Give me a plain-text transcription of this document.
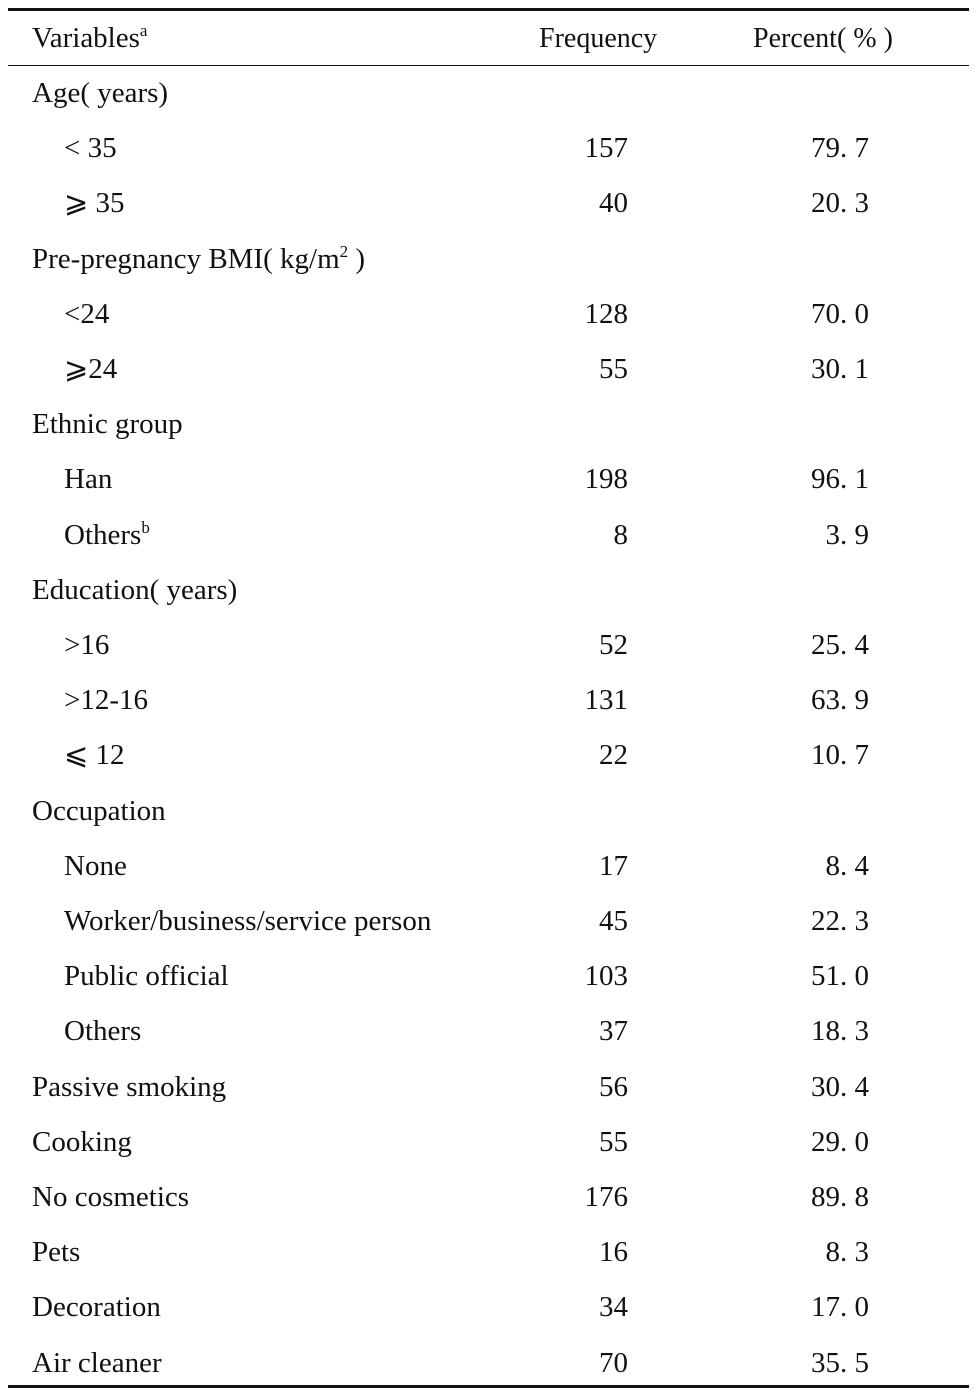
Variables$^a$	Frequency	Percent( % )
Age( years)
< 35	157	79. 7
⩾ 35	40	20. 3
Pre-pregnancy BMI( $kg/m^2$ )
<24	128	70. 0
⩾24	55	30. 1
Ethnic group
Han	198	96. 1
Others$^b$	8	3. 9
Education( years)
>16	52	25. 4
>12-16	131	63. 9
⩽ 12	22	10. 7
Occupation
None	17	8. 4
Worker/business/service person	45	22. 3
Public official	103	51. 0
Others	37	18. 3
Passive smoking	56	30. 4
Cooking	55	29. 0
No cosmetics	176	89. 8
Pets	16	8. 3
Decoration	34	17. 0
Air cleaner	70	35. 5
